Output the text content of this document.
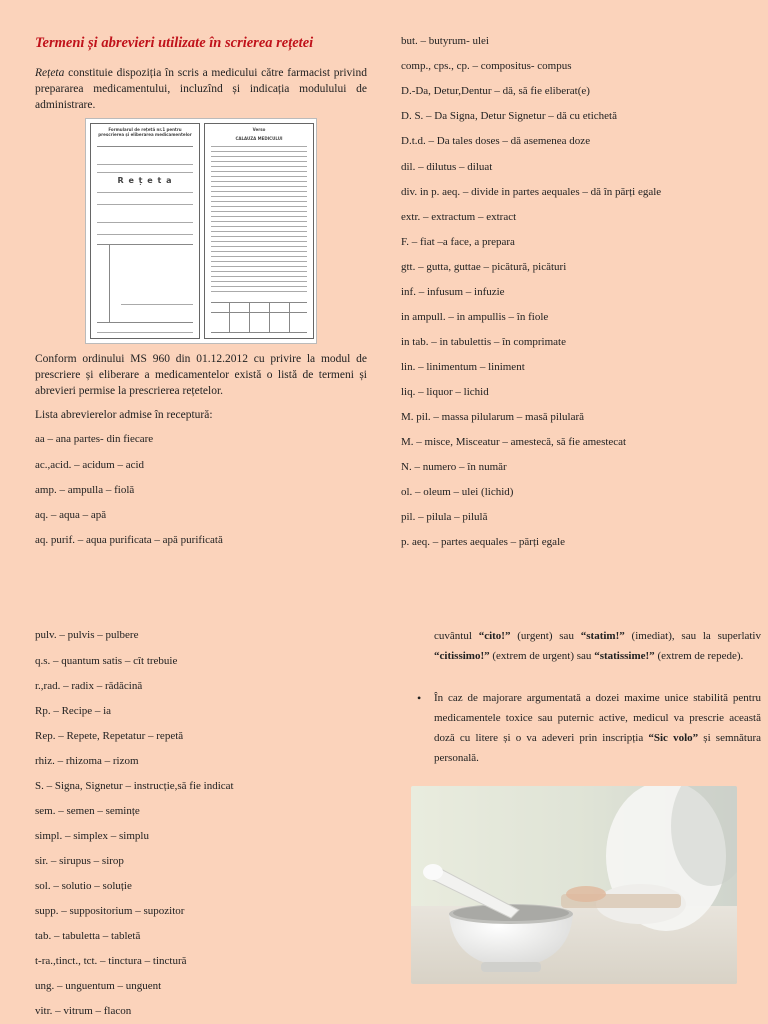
Termeni și abrevieri utilizate în scrierea rețetei

Rețeta constituie dispoziția în scris a medicului către farmacist privind prepararea medicamentului, incluzînd și indicația modulului de administrare.

Formularul de rețetă nr.1 pentru prescrierea și eliberarea medicamentelor
R e ț e t a
Verso
CALAUZA MEDICULUI

Conform ordinului MS 960 din 01.12.2012 cu privire la modul de prescriere și eliberare a medicamentelor există o listă de termeni și abrevieri permise la prescrierea rețetelor.

Lista abrevierelor admise în receptură:

aa – ana partes- din fiecare
ac.,acid. – acidum – acid
amp. – ampulla – fiolă
aq. – aqua – apă
aq. purif. – aqua purificata – apă purificată
but. – butyrum- ulei
comp., cps., cp. – compositus- compus
D.-Da, Detur,Dentur – dă, să fie eliberat(e)
D. S. – Da Signa, Detur Signetur – dă cu etichetă
D.t.d. – Da tales doses – dă asemenea doze
dil. – dilutus – diluat
div. in p. aeq. – divide in partes aequales – dă în părți egale
extr. – extractum – extract
F. – fiat –a face, a prepara
gtt. – gutta, guttae – picătură, picături
inf. – infusum – infuzie
in ampull. – in ampullis – în fiole
in tab. – in tabulettis – în comprimate
lin. – linimentum – liniment
liq. – liquor – lichid
M. pil. – massa pilularum – masă pilulară
M. – misce, Misceatur – amestecă, să fie amestecat
N. – numero – în număr
ol. – oleum – ulei (lichid)
pil. – pilula – pilulă
p. aeq. – partes aequales – părți egale
pulv. – pulvis – pulbere
q.s. – quantum satis – cît trebuie
r.,rad. – radix – rădăcină
Rp. – Recipe – ia
Rep. – Repete, Repetatur – repetă
rhiz. – rhizoma – rizom
S. – Signa, Signetur – instrucție,să fie indicat
sem. – semen – semințe
simpl. – simplex – simplu
sir. – sirupus – sirop
sol. – solutio – soluție
supp. – suppositorium – supozitor
tab. – tabuletta – tabletă
t-ra.,tinct., tct. – tinctura – tinctură
ung. – unguentum – unguent
vitr. – vitrum – flacon
cuvântul “cito!” (urgent) sau “statim!” (imediat), sau la superlativ “citissimo!” (extrem de urgent) sau “statissime!” (extrem de repede).
• În caz de majorare argumentată a dozei maxime unice stabilită pentru medicamentele toxice sau puternic active, medicul va prescrie această doză cu litere și o va adeveri prin inscripția “Sic volo” și semnătura personală.
